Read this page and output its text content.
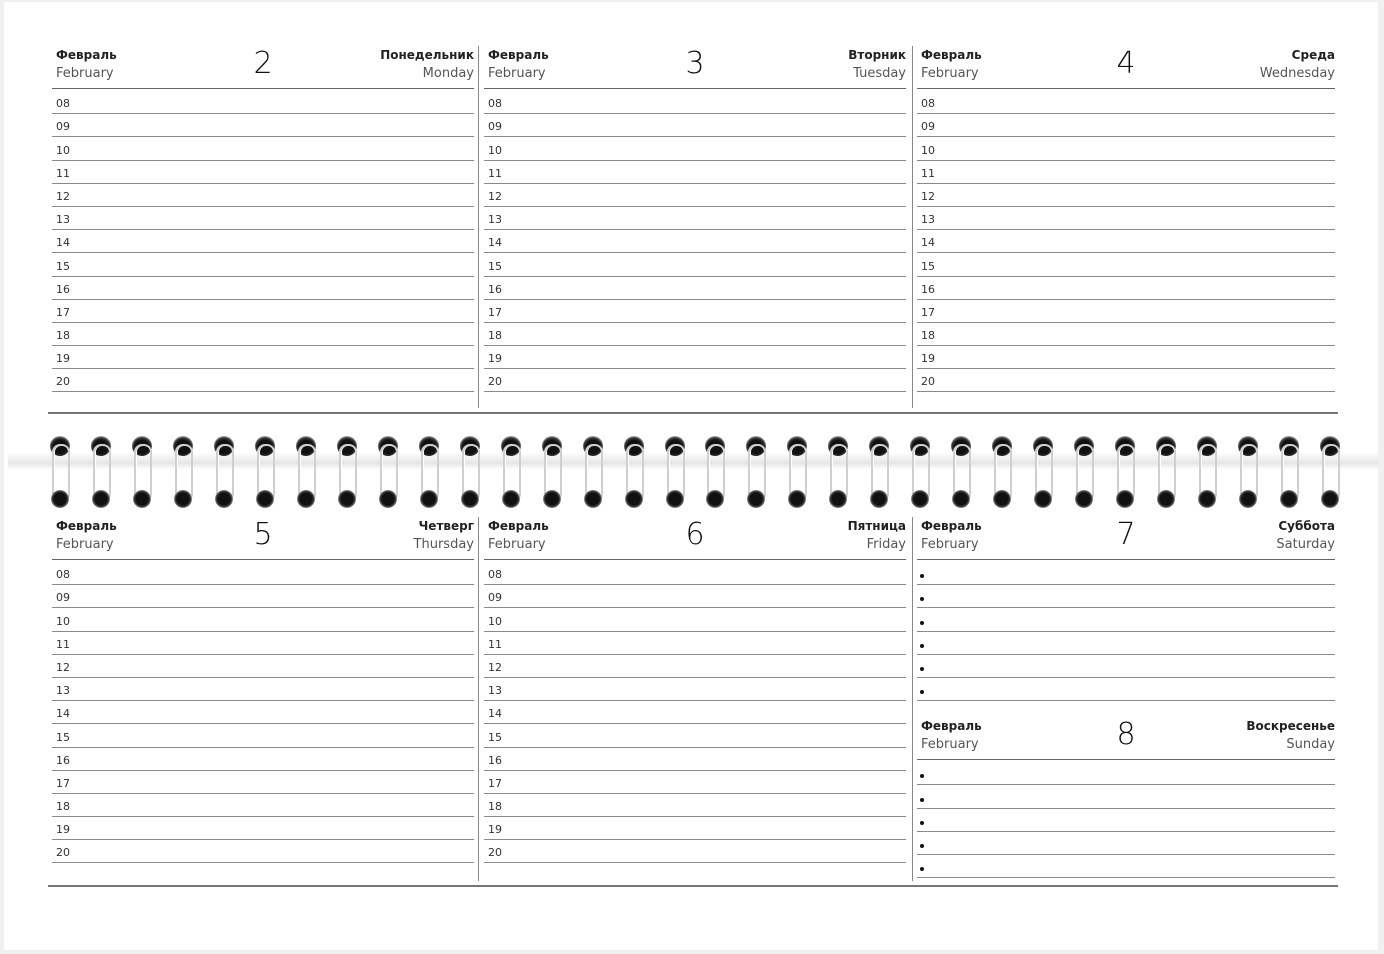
Февраль
February	2	Понедельник
Monday
08
09
10
11
12
13
14
15
16
17
18
19
20
Февраль
February	3	Вторник
Tuesday
08
09
10
11
12
13
14
15
16
17
18
19
20
Февраль
February	4	Среда
Wednesday
08
09
10
11
12
13
14
15
16
17
18
19
20
Февраль
February	5	Четверг
Thursday
08
09
10
11
12
13
14
15
16
17
18
19
20
Февраль
February	6	Пятница
Friday
08
09
10
11
12
13
14
15
16
17
18
19
20
Февраль
February	7	Суббота
Saturday
Февраль
February	8	Воскресенье
Sunday
